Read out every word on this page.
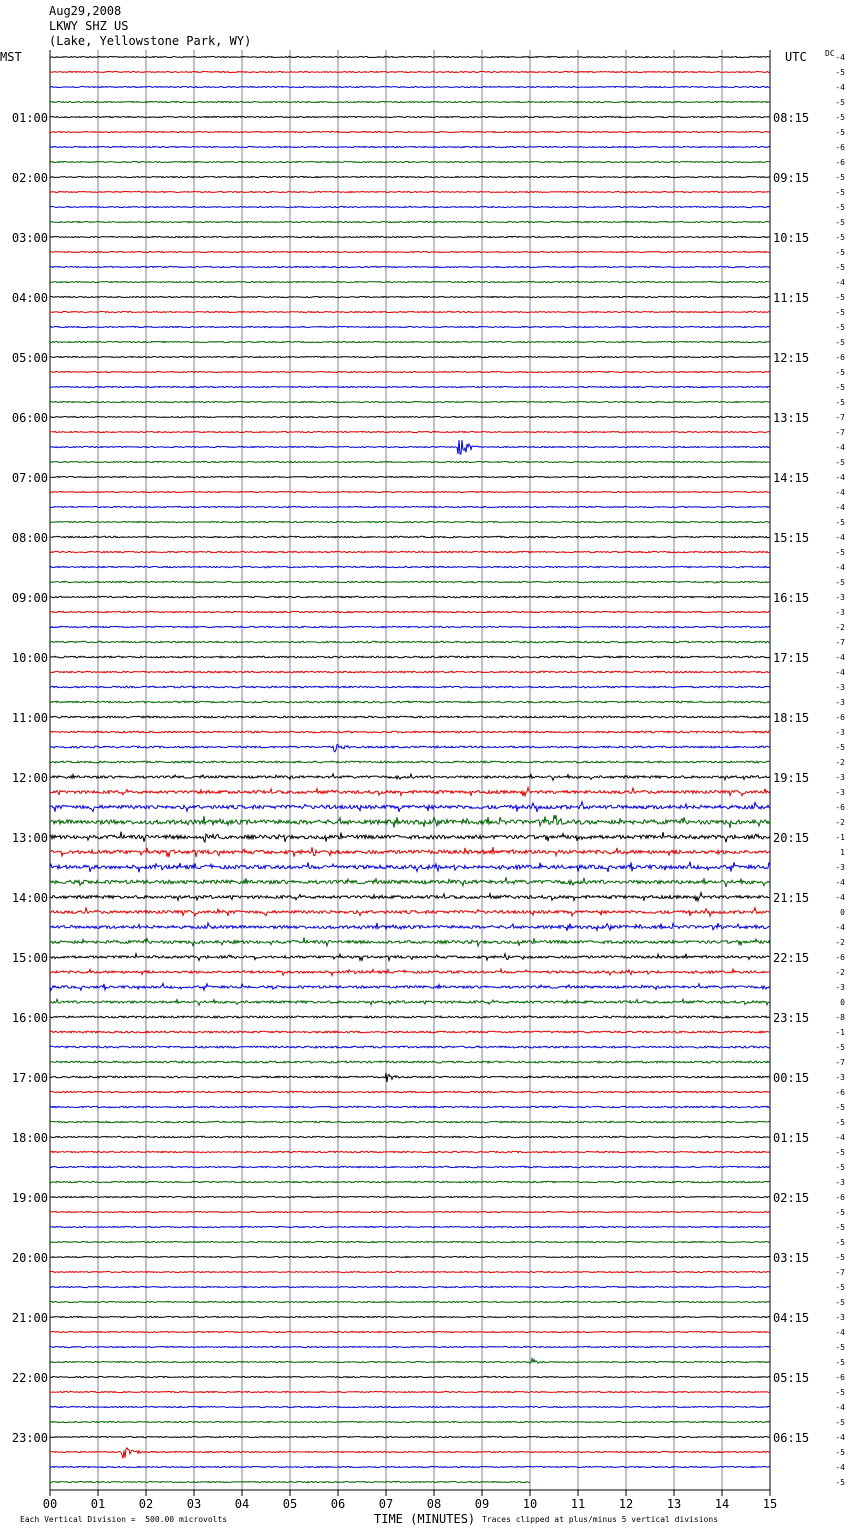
-4
-5
-4
-5
-5
01:00	08:15
-5
-6
-6
-5
02:00	09:15
-5
-5
-5
-5
03:00	10:15
-5
-5
-4
-5
04:00	11:15
-5
-5
-5
-6
05:00	12:15
-5
-5
-5
-7
06:00	13:15
-7
-4
-5
-4
07:00	14:15
-4
-4
-5
-4
08:00	15:15
-5
-4
-5
-3
09:00	16:15
-3
-2
-7
-4
10:00	17:15
-4
-3
-3
-6
11:00	18:15
-3
-5
-2
-3
12:00	19:15
-3
-6
-2
-1
13:00	20:15
1
-3
-4
-4
14:00	21:15
0
-4
-2
-6
15:00	22:15
-2
-3
0
-8
16:00	23:15
-1
-5
-7
-3
17:00	00:15
-6
-5
-5
-4
18:00	01:15
-5
-5
-3
-6
19:00	02:15
-5
-5
-5
-5
20:00	03:15
-7
-5
-5
-3
21:00	04:15
-4
-5
-5
-6
22:00	05:15
-5
-4
-5
-4
23:00	06:15
-5
-4
-5
00	01	02	03	04	05	06	07	08	09	10	11	12	13	14	15
Aug29,2008
LKWY SHZ US
(Lake, Yellowstone Park, WY)
MST	UTC DC
Each Vertical Division =  500.00 microvolts	TIME (MINUTES) Traces clipped at plus/minus 5 vertical divisions
